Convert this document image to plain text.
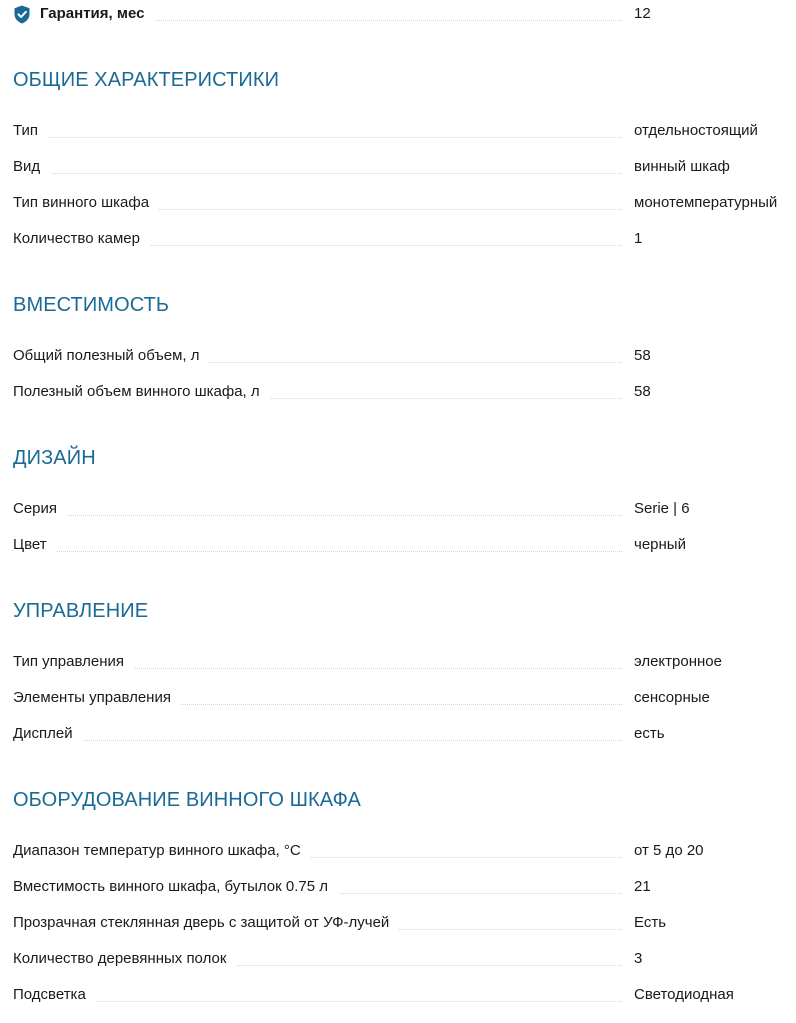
Гарантия, мес	12
ОБЩИЕ ХАРАКТЕРИСТИКИ
Тип	отдельностоящий
Вид	винный шкаф
Тип винного шкафа	монотемпературный
Количество камер	1
ВМЕСТИМОСТЬ
Общий полезный объем, л	58
Полезный объем винного шкафа, л	58
ДИЗАЙН
Серия	Serie | 6
Цвет	черный
УПРАВЛЕНИЕ
Тип управления	электронное
Элементы управления	сенсорные
Дисплей	есть
ОБОРУДОВАНИЕ ВИННОГО ШКАФА
Диапазон температур винного шкафа, °C	от 5 до 20
Вместимость винного шкафа, бутылок 0.75 л	21
Прозрачная стеклянная дверь с защитой от УФ-лучей	Есть
Количество деревянных полок	3
Подсветка	Светодиодная
